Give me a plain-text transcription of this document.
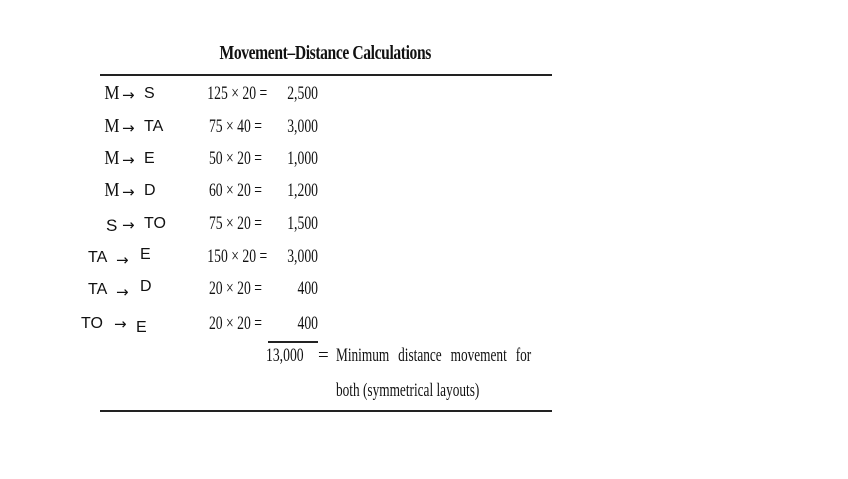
Movement–Distance Calculations
M → S	125 × 20 =	2,500
M → TA 75 × 40 =	3,000
M → E	50 × 20 =	1,000
M → D	60 × 20 =	1,200
S → TO 75 × 20 =	1,500
TA → E	150 × 20 =	3,000
TA → D	20 × 20 =	400
TO → E	20 × 20 =	400
13,000 = Minimum distance movement for
both (symmetrical layouts)
